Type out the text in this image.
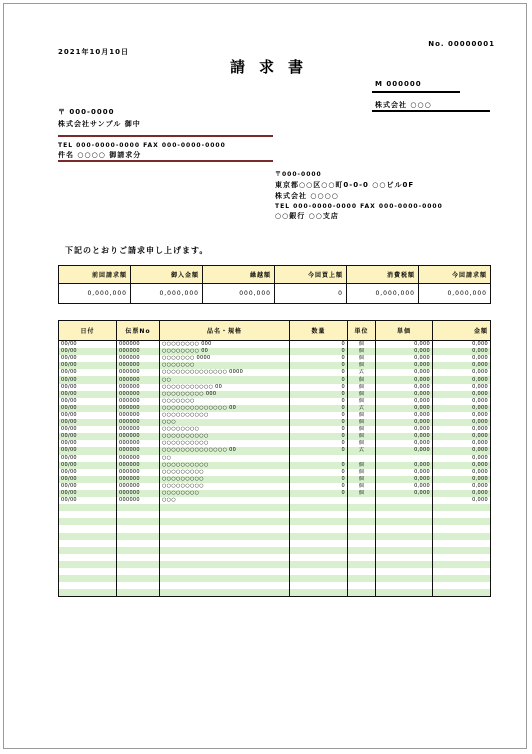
2021年10月10日
請求書
No. 00000001
M 000000
株式会社 ○○○
〒 000-0000
株式会社サンプル 御中
TEL 000-0000-0000 FAX 000-0000-0000
件名 ○○○○ 御請求分
〒000-0000
東京都○○区○○町0-0-0 ○○ビル0F
株式会社 ○○○○
TEL 000-0000-0000 FAX 000-0000-0000
○○銀行 ○○支店
下記のとおりご請求申し上げます。
前回請求額	御入金額	繰越額	今回買上額	消費税額	今回請求額
0,000,000	0,000,000	000,000	0	0,000,000	0,000,000
日付	伝票No	品名・規格	数量	単位	単価	金額
00/00	000000	○○○○○○○○ 000	0	個	0,000	0,000
00/00	000000	○○○○○○○○ 00	0	個	0,000	0,000
00/00	000000	○○○○○○○ 0000	0	個	0,000	0,000
00/00	000000	○○○○○○○	0	個	0,000	0,000
00/00	000000	○○○○○○○○○○○○○○ 0000	0	式	0,000	0,000
00/00	000000	○○	0	個	0,000	0,000
00/00	000000	○○○○○○○○○○○ 00	0	個	0,000	0,000
00/00	000000	○○○○○○○○○ 000	0	個	0,000	0,000
00/00	000000	○○○○○○○	0	個	0,000	0,000
00/00	000000	○○○○○○○○○○○○○○ 00	0	式	0,000	0,000
00/00	000000	○○○○○○○○○○	0	個	0,000	0,000
00/00	000000	○○○	0	個	0,000	0,000
00/00	000000	○○○○○○○○	0	個	0,000	0,000
00/00	000000	○○○○○○○○○○	0	個	0,000	0,000
00/00	000000	○○○○○○○○○○	0	個	0,000	0,000
00/00	000000	○○○○○○○○○○○○○○ 00	0	式	0,000	0,000
00/00	000000	○○				0,000
00/00	000000	○○○○○○○○○○	0	個	0,000	0,000
00/00	000000	○○○○○○○○○	0	個	0,000	0,000
00/00	000000	○○○○○○○○○	0	個	0,000	0,000
00/00	000000	○○○○○○○○○	0	個	0,000	0,000
00/00	000000	○○○○○○○○	0	個	0,000	0,000
00/00	000000	○○○				0,000
